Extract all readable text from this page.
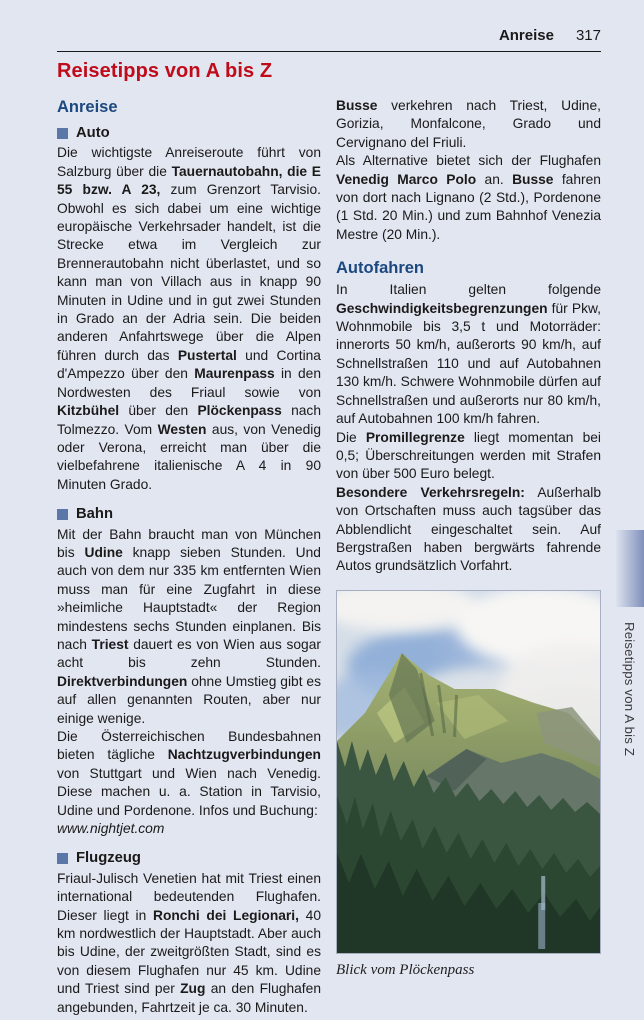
Anreise 317
Reisetipps von A bis Z
Anreise
Auto

Die wichtigste Anreiseroute führt von Salzburg über die Tauernautobahn, die E 55 bzw. A 23, zum Grenzort Tarvisio. Obwohl es sich dabei um eine wichtige europäische Verkehrsader handelt, ist die Strecke etwa im Vergleich zur Brennerautobahn nicht überlastet, und so kann man von Villach aus in knapp 90 Minuten in Udine und in gut zwei Stunden in Grado an der Adria sein. Die beiden anderen Anfahrtswege über die Alpen führen durch das Pustertal und Cortina d'Ampezzo über den Maurenpass in den Nordwesten des Friaul sowie von Kitzbühel über den Plöckenpass nach Tolmezzo. Vom Westen aus, von Venedig oder Verona, erreicht man über die vielbefahrene italienische A 4 in 90 Minuten Grado.

Bahn

Mit der Bahn braucht man von München bis Udine knapp sieben Stunden. Und auch von dem nur 335 km entfernten Wien muss man für eine Zugfahrt in diese »heimliche Hauptstadt« der Region mindestens sechs Stunden einplanen. Bis nach Triest dauert es von Wien aus sogar acht bis zehn Stunden. Direktverbindungen ohne Umstieg gibt es auf allen genannten Routen, aber nur einige wenige.

Die Österreichischen Bundesbahnen bieten tägliche Nachtzugverbindungen von Stuttgart und Wien nach Venedig. Diese machen u. a. Station in Tarvisio, Udine und Pordenone. Infos und Buchung:

www.nightjet.com

Flugzeug

Friaul-Julisch Venetien hat mit Triest einen international bedeutenden Flughafen. Dieser liegt in Ronchi dei Legionari, 40 km nordwestlich der Hauptstadt. Aber auch bis Udine, der zweitgrößten Stadt, sind es von diesem Flughafen nur 45 km. Udine und Triest sind per Zug an den Flughafen angebunden, Fahrtzeit je ca. 30 Minuten.

Busse verkehren nach Triest, Udine, Gorizia, Monfalcone, Grado und Cervignano del Friuli.

Als Alternative bietet sich der Flughafen Venedig Marco Polo an. Busse fahren von dort nach Lignano (2 Std.), Pordenone (1 Std. 20 Min.) und zum Bahnhof Venezia Mestre (20 Min.).

Autofahren

In Italien gelten folgende Geschwindigkeitsbegrenzungen für Pkw, Wohnmobile bis 3,5 t und Motorräder: innerorts 50 km/h, außerorts 90 km/h, auf Schnellstraßen 110 und auf Autobahnen 130 km/h. Schwere Wohnmobile dürfen auf Schnellstraßen und außerorts nur 80 km/h, auf Autobahnen 100 km/h fahren.

Die Promillegrenze liegt momentan bei 0,5; Überschreitungen werden mit Strafen von über 500 Euro belegt.

Besondere Verkehrsregeln: Außerhalb von Ortschaften muss auch tagsüber das Abblendlicht eingeschaltet sein. Auf Bergstraßen haben bergwärts fahrende Autos grundsätzlich Vorfahrt.

Blick vom Plöckenpass
Reisetipps von A bis Z
